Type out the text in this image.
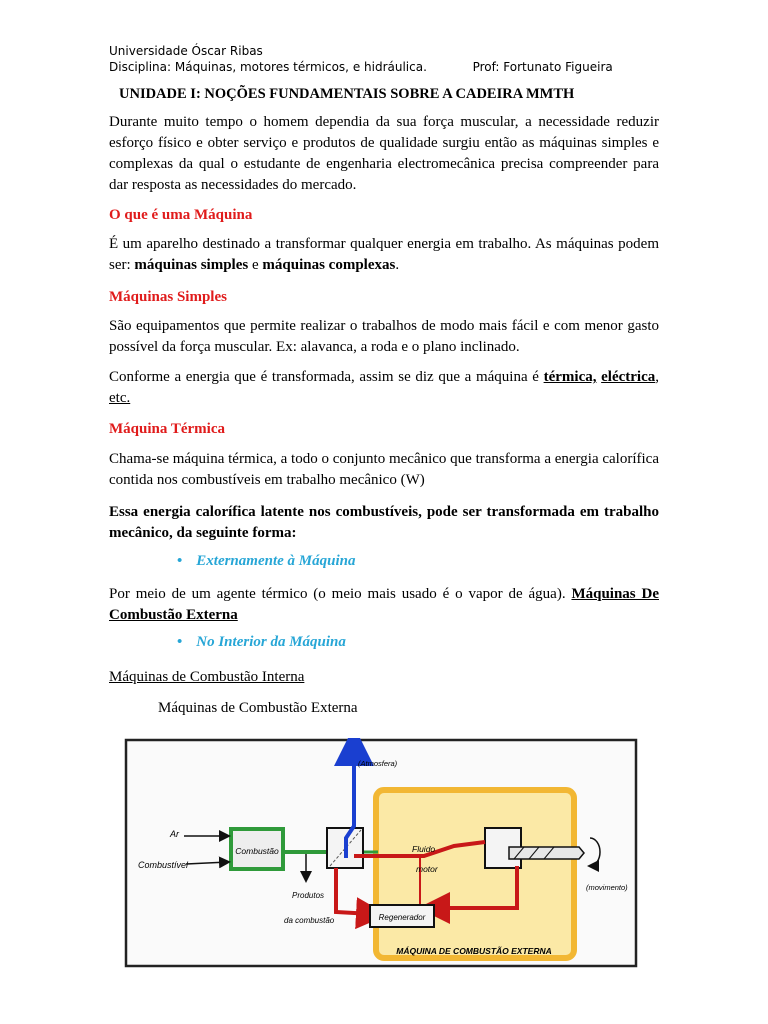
Universidade Óscar Ribas
Disciplina: Máquinas, motores térmicos, e hidráulica.	Prof: Fortunato Figueira
UNIDADE I: NOÇÕES FUNDAMENTAIS SOBRE A CADEIRA MMTH
Durante muito tempo o homem dependia da sua força muscular, a necessidade reduzir esforço físico e obter serviço e produtos de qualidade surgiu então as máquinas simples e complexas da qual o estudante de engenharia electromecânica precisa compreender para dar resposta as necessidades do mercado.
O que é uma Máquina
É um aparelho destinado a transformar qualquer energia em trabalho. As máquinas podem ser: máquinas simples e máquinas complexas.
Máquinas Simples
São equipamentos que permite realizar o trabalhos de modo mais fácil e com menor gasto possível da força muscular. Ex: alavanca, a roda e o plano inclinado.
Conforme a energia que é transformada, assim se diz que a máquina é térmica, eléctrica, etc.
Máquina Térmica
Chama-se máquina térmica, a todo o conjunto mecânico que transforma a energia calorífica contida nos combustíveis em trabalho mecânico (W)
Essa energia calorífica latente nos combustíveis, pode ser transformada em trabalho mecânico, da seguinte forma:
• Externamente à Máquina
Por meio de um agente térmico (o meio mais usado é o vapor de água). Máquinas De Combustão Externa
• No Interior da Máquina
Máquinas de Combustão Interna
Máquinas de Combustão Externa
Combustão
Ar
Combustível
Produtos
da combustão
(Atmosfera)
Fluido
motor
Regenerador
(movimento)
MÁQUINA DE COMBUSTÃO EXTERNA
